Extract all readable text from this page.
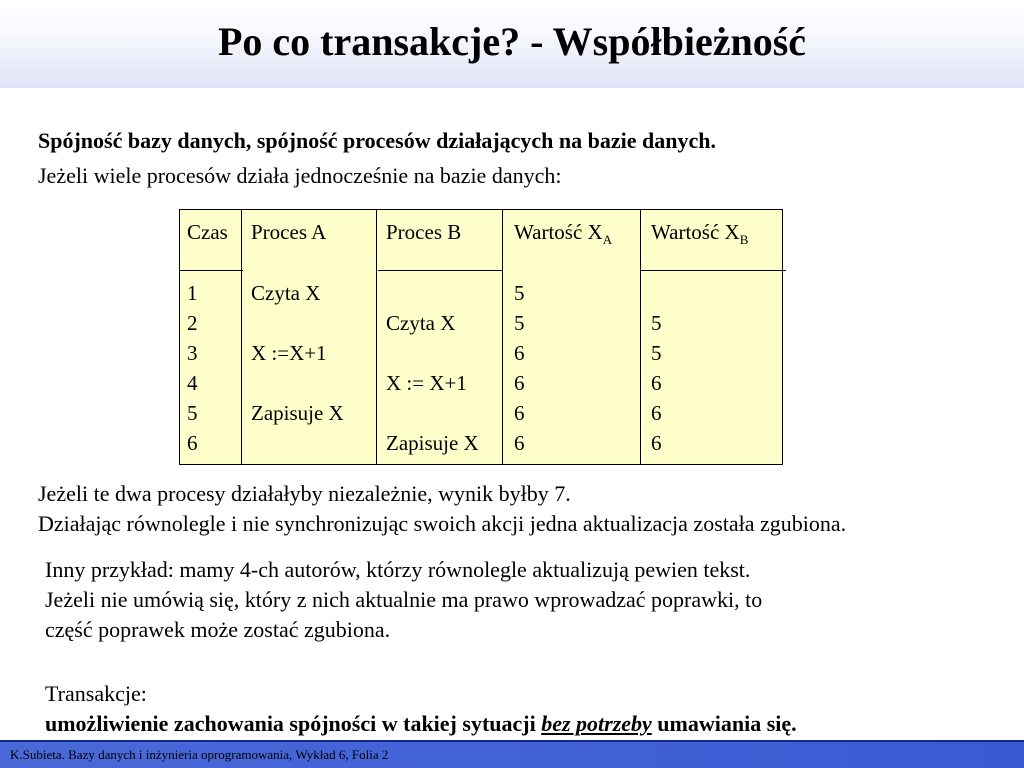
Po co transakcje? - Współbieżność
Spójność bazy danych, spójność procesów działających na bazie danych.
Jeżeli wiele procesów działa jednocześnie na bazie danych:
Czas Proces A	Proces B	Wartość $X_A$ Wartość $X_B$
1
2
3
4
5
6
Czyta X
X :=X+1
Zapisuje X
Czyta X
X := X+1
Zapisuje X
5
5
6
6
6
6
5
5
6
6
6
Jeżeli te dwa procesy działałyby niezależnie, wynik byłby 7.
Działając równolegle i nie synchronizując swoich akcji jedna aktualizacja została zgubiona.
Inny przykład: mamy 4-ch autorów, którzy równolegle aktualizują pewien tekst.
Jeżeli nie umówią się, który z nich aktualnie ma prawo wprowadzać poprawki, to
część poprawek może zostać zgubiona.
Transakcje:
umożliwienie zachowania spójności w takiej sytuacji bez potrzeby umawiania się.
K.Subieta. Bazy danych i inżynieria oprogramowania, Wykład 6, Folia 2
